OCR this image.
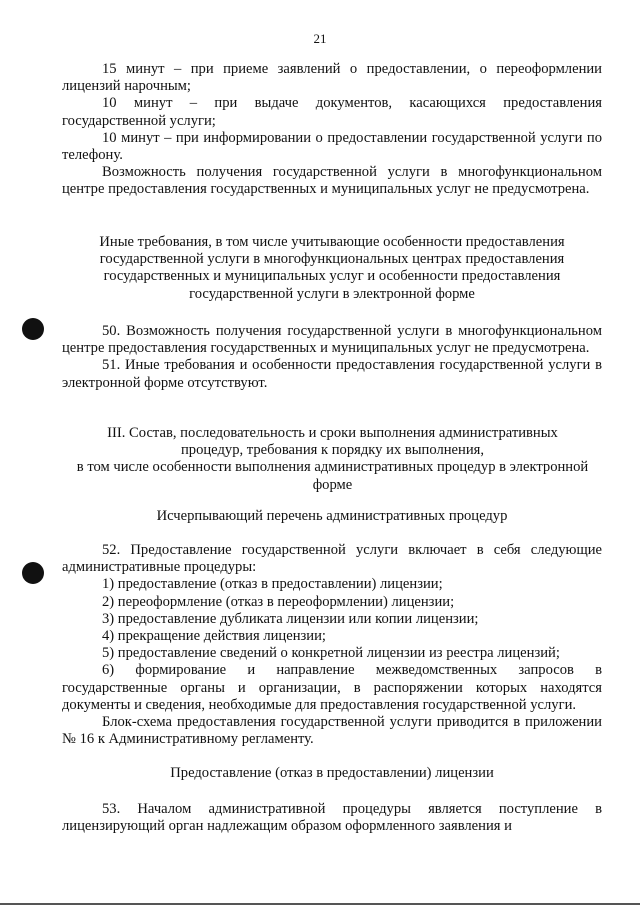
21

15 минут – при приеме заявлений о предоставлении, о переоформлении лицензий нарочным;

10 минут – при выдаче документов, касающихся предоставления государственной услуги;

10 минут – при информировании о предоставлении государственной услуги по телефону.

Возможность получения государственной услуги в многофункциональном центре предоставления государственных и муниципальных услуг не предусмотрена.

Иные требования, в том числе учитывающие особенности предоставления государственной услуги в многофункциональных центрах предоставления государственных и муниципальных услуг и особенности предоставления государственной услуги в электронной форме

50. Возможность получения государственной услуги в многофункциональном центре предоставления государственных и муниципальных услуг не предусмотрена.

51. Иные требования и особенности предоставления государственной услуги в электронной форме отсутствуют.

III. Состав, последовательность и сроки выполнения административных

процедур, требования к порядку их выполнения,

в том числе особенности выполнения административных процедур в электронной

форме

Исчерпывающий перечень административных процедур

52. Предоставление государственной услуги включает в себя следующие административные процедуры:

1) предоставление (отказ в предоставлении) лицензии;

2) переоформление (отказ в переоформлении) лицензии;

3) предоставление дубликата лицензии или копии лицензии;

4) прекращение действия лицензии;

5) предоставление сведений о конкретной лицензии из реестра лицензий;

6) формирование и направление межведомственных запросов в государственные органы и организации, в распоряжении которых находятся документы и сведения, необходимые для предоставления государственной услуги.

Блок-схема предоставления государственной услуги приводится в приложении № 16 к Административному регламенту.

Предоставление (отказ в предоставлении) лицензии

53. Началом административной процедуры является поступление в лицензирующий орган надлежащим образом оформленного заявления и
